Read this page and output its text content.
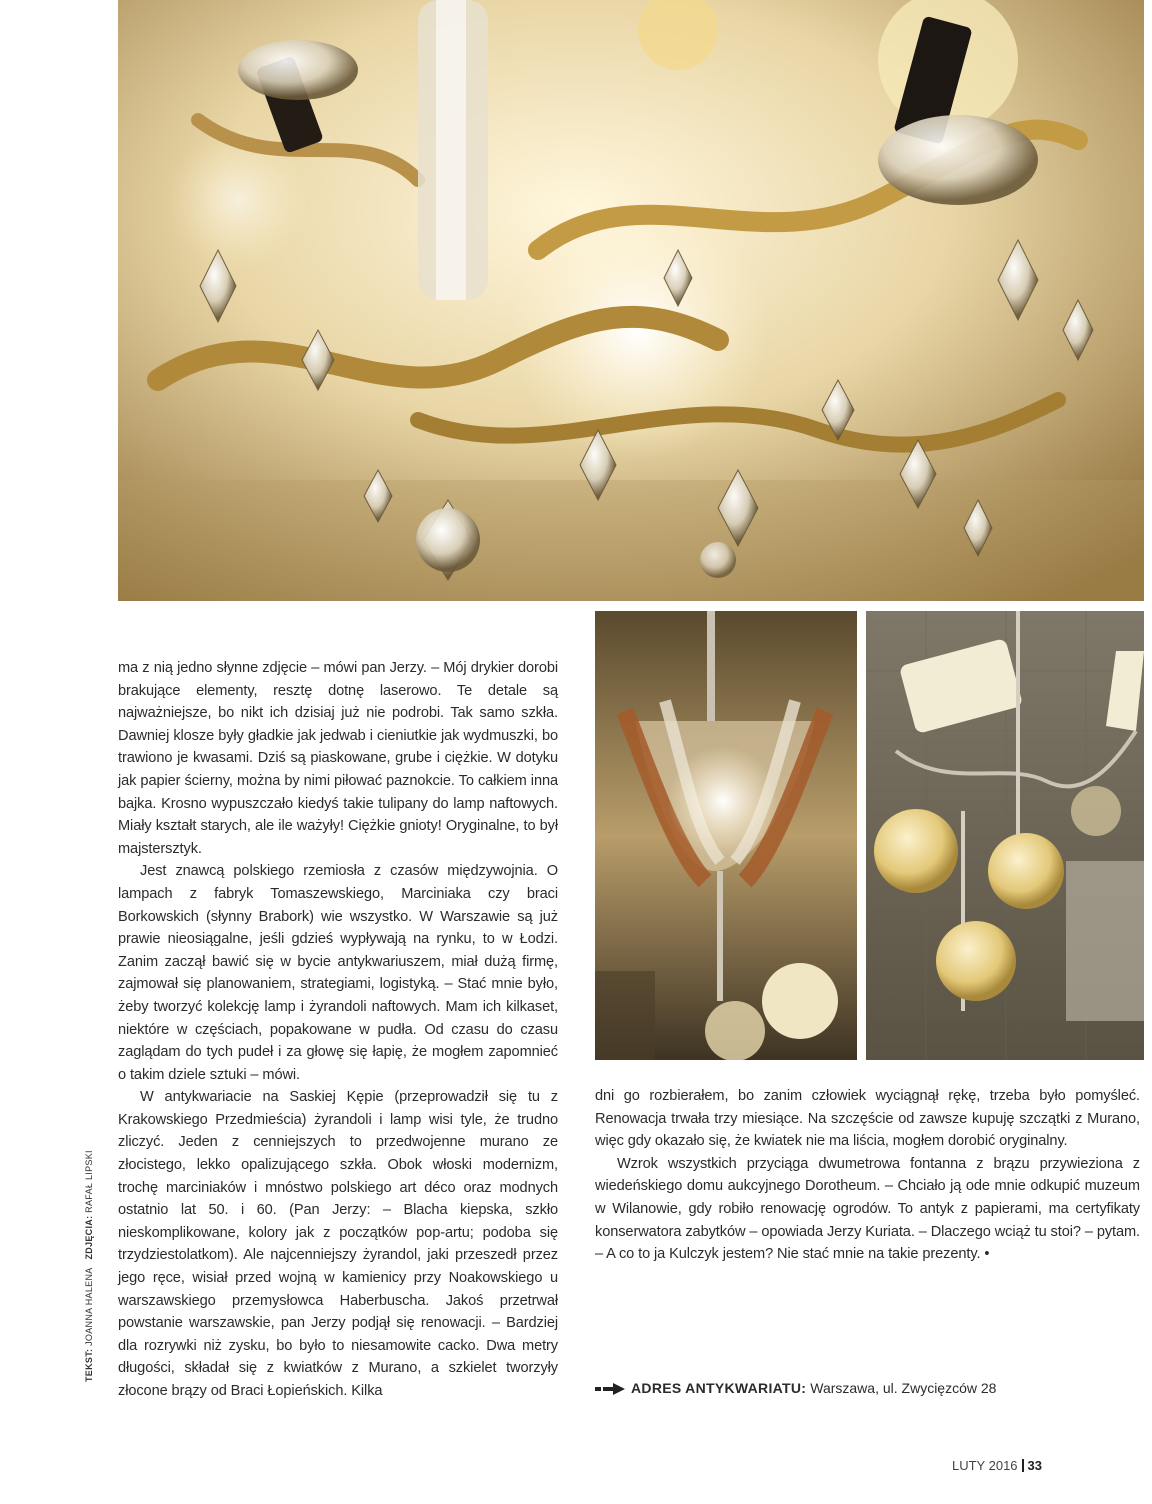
TEKST: JOANNA HALENA   ZDJĘCIA: RAFAŁ LIPSKI

ma z nią jedno słynne zdjęcie – mówi pan Jerzy. – Mój drykier dorobi brakujące elementy, resztę dotnę laserowo. Te detale są najważniejsze, bo nikt ich dzisiaj już nie podrobi. Tak samo szkła. Dawniej klosze były gładkie jak jedwab i cieniutkie jak wydmuszki, bo trawiono je kwasami. Dziś są piaskowane, grube i ciężkie. W dotyku jak papier ścierny, można by nimi piłować paznokcie. To całkiem inna bajka. Krosno wypuszczało kiedyś takie tulipany do lamp naftowych. Miały kształt starych, ale ile ważyły! Ciężkie gnioty! Oryginalne, to był majstersztyk.

Jest znawcą polskiego rzemiosła z czasów międzywojnia. O lampach z fabryk Tomaszewskiego, Marciniaka czy braci Borkowskich (słynny Brabork) wie wszystko. W Warszawie są już prawie nieosiągalne, jeśli gdzieś wypływają na rynku, to w Łodzi. Zanim zaczął bawić się w bycie antykwariuszem, miał dużą firmę, zajmował się planowaniem, strategiami, logistyką. – Stać mnie było, żeby tworzyć kolekcję lamp i żyrandoli naftowych. Mam ich kilkaset, niektóre w częściach, popakowane w pudła. Od czasu do czasu zaglądam do tych pudeł i za głowę się łapię, że mogłem zapomnieć o takim dziele sztuki – mówi.

W antykwariacie na Saskiej Kępie (przeprowadził się tu z Krakowskiego Przedmieścia) żyrandoli i lamp wisi tyle, że trudno zliczyć. Jeden z cenniejszych to przedwojenne murano ze złocistego, lekko opalizującego szkła. Obok włoski modernizm, trochę marciniaków i mnóstwo polskiego art déco oraz modnych ostatnio lat 50. i 60. (Pan Jerzy: – Blacha kiepska, szkło nieskomplikowane, kolory jak z początków pop-artu; podoba się trzydziestolatkom). Ale najcenniejszy żyrandol, jaki przeszedł przez jego ręce, wisiał przed wojną w kamienicy przy Noakowskiego u warszawskiego przemysłowca Haberbuscha. Jakoś przetrwał powstanie warszawskie, pan Jerzy podjął się renowacji. – Bardziej dla rozrywki niż zysku, bo było to niesamowite cacko. Dwa metry długości, składał się z kwiatków z Murano, a szkielet tworzyły złocone brązy od Braci Łopieńskich. Kilka

dni go rozbierałem, bo zanim człowiek wyciągnął rękę, trzeba było pomyśleć. Renowacja trwała trzy miesiące. Na szczęście od zawsze kupuję szczątki z Murano, więc gdy okazało się, że kwiatek nie ma liścia, mogłem dorobić oryginalny.

Wzrok wszystkich przyciąga dwumetrowa fontanna z brązu przywieziona z wiedeńskiego domu aukcyjnego Dorotheum. – Chciało ją ode mnie odkupić muzeum w Wilanowie, gdy robiło renowację ogrodów. To antyk z papierami, ma certyfikaty konserwatora zabytków – opowiada Jerzy Kuriata. – Dlaczego wciąż tu stoi? – pytam. – A co to ja Kulczyk jestem? Nie stać mnie na takie prezenty. •

ADRES ANTYKWARIATU: Warszawa, ul. Zwycięzców 28
LUTY 2016 33
